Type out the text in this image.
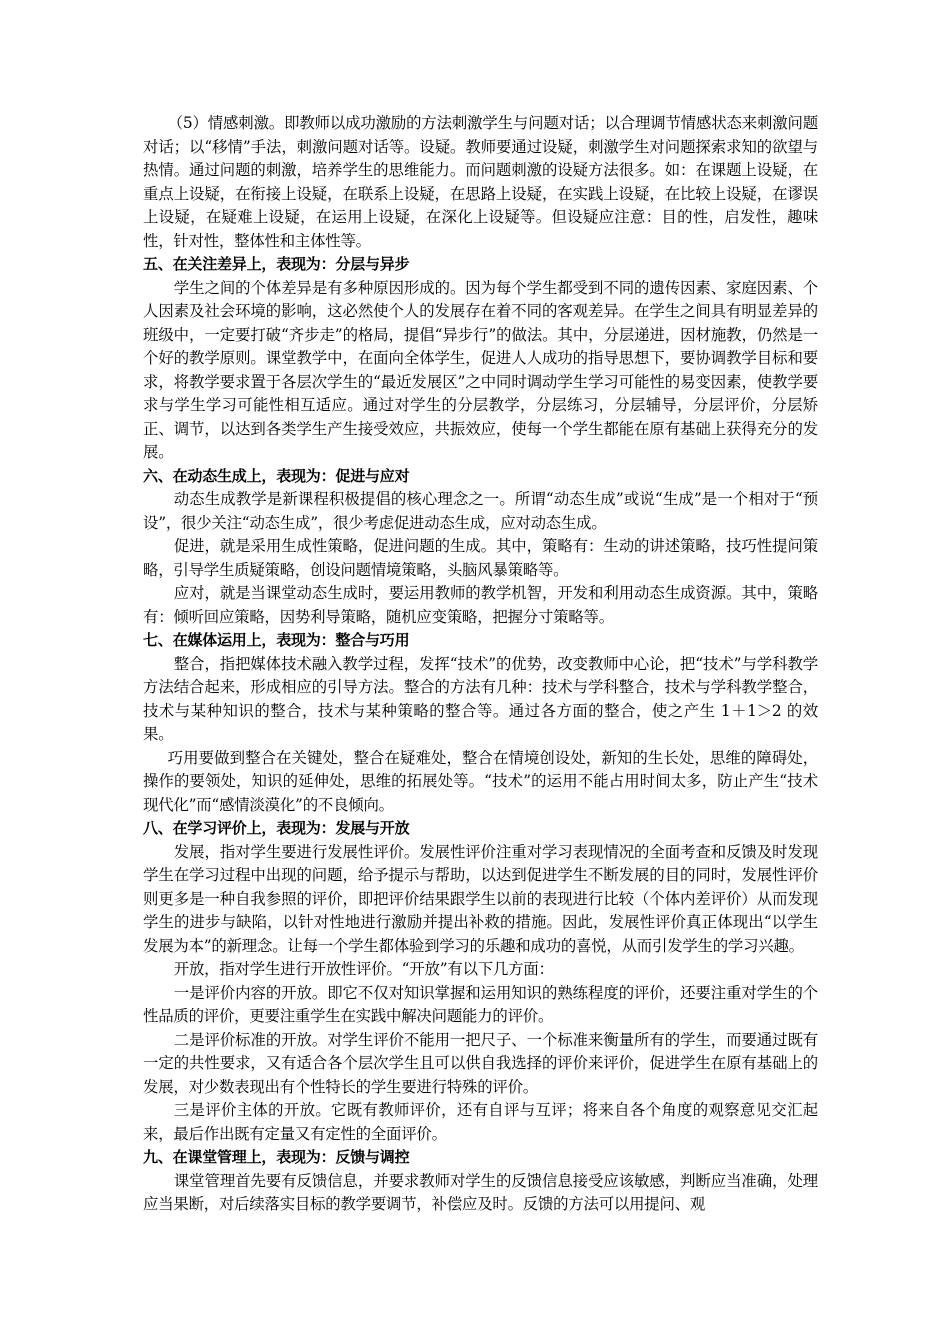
（5）情感刺激。即教师以成功激励的方法刺激学生与问题对话；以合理调节情感状态来刺激问题对话；以“移情”手法，刺激问题对话等。设疑。教师要通过设疑，刺激学生对问题探索求知的欲望与热情。通过问题的刺激，培养学生的思维能力。而问题刺激的设疑方法很多。如：在课题上设疑，在重点上设疑，在衔接上设疑，在联系上设疑，在思路上设疑，在实践上设疑，在比较上设疑，在谬误上设疑，在疑难上设疑，在运用上设疑，在深化上设疑等。但设疑应注意：目的性，启发性，趣味性，针对性，整体性和主体性等。

五、在关注差异上，表现为：分层与异步

学生之间的个体差异是有多种原因形成的。因为每个学生都受到不同的遗传因素、家庭因素、个人因素及社会环境的影响，这必然使个人的发展存在着不同的客观差异。在学生之间具有明显差异的班级中，一定要打破“齐步走”的格局，提倡“异步行”的做法。其中，分层递进，因材施教，仍然是一个好的教学原则。课堂教学中，在面向全体学生，促进人人成功的指导思想下，要协调教学目标和要求，将教学要求置于各层次学生的“最近发展区”之中同时调动学生学习可能性的易变因素，使教学要求与学生学习可能性相互适应。通过对学生的分层教学，分层练习，分层辅导，分层评价，分层矫正、调节，以达到各类学生产生接受效应，共振效应，使每一个学生都能在原有基础上获得充分的发展。

六、在动态生成上，表现为：促进与应对

动态生成教学是新课程积极提倡的核心理念之一。所谓“动态生成”或说“生成”是一个相对于“预设”，很少关注“动态生成”，很少考虑促进动态生成，应对动态生成。

促进，就是采用生成性策略，促进问题的生成。其中，策略有：生动的讲述策略，技巧性提问策略，引导学生质疑策略，创设问题情境策略，头脑风暴策略等。

应对，就是当课堂动态生成时，要运用教师的教学机智，开发和利用动态生成资源。其中，策略有：倾听回应策略，因势利导策略，随机应变策略，把握分寸策略等。

七、在媒体运用上，表现为：整合与巧用

整合，指把媒体技术融入教学过程，发挥“技术”的优势，改变教师中心论，把“技术”与学科教学方法结合起来，形成相应的引导方法。整合的方法有几种：技术与学科整合，技术与学科教学整合，技术与某种知识的整合，技术与某种策略的整合等。通过各方面的整合，使之产生 1＋1＞2 的效果。

巧用要做到整合在关键处，整合在疑难处，整合在情境创设处，新知的生长处，思维的障碍处，操作的要领处，知识的延伸处，思维的拓展处等。“技术”的运用不能占用时间太多，防止产生“技术现代化”而“感情淡漠化”的不良倾向。

八、在学习评价上，表现为：发展与开放

发展，指对学生要进行发展性评价。发展性评价注重对学习表现情况的全面考查和反馈及时发现学生在学习过程中出现的问题，给予提示与帮助，以达到促进学生不断发展的目的同时，发展性评价则更多是一种自我参照的评价，即把评价结果跟学生以前的表现进行比较（个体内差评价）从而发现学生的进步与缺陷，以针对性地进行激励并提出补救的措施。因此，发展性评价真正体现出“以学生发展为本”的新理念。让每一个学生都体验到学习的乐趣和成功的喜悦，从而引发学生的学习兴趣。

开放，指对学生进行开放性评价。“开放”有以下几方面：

一是评价内容的开放。即它不仅对知识掌握和运用知识的熟练程度的评价，还要注重对学生的个性品质的评价，更要注重学生在实践中解决问题能力的评价。

二是评价标准的开放。对学生评价不能用一把尺子、一个标准来衡量所有的学生，而要通过既有一定的共性要求，又有适合各个层次学生且可以供自我选择的评价来评价，促进学生在原有基础上的发展，对少数表现出有个性特长的学生要进行特殊的评价。

三是评价主体的开放。它既有教师评价，还有自评与互评；将来自各个角度的观察意见交汇起来，最后作出既有定量又有定性的全面评价。

九、在课堂管理上，表现为：反馈与调控

课堂管理首先要有反馈信息，并要求教师对学生的反馈信息接受应该敏感，判断应当准确，处理应当果断，对后续落实目标的教学要调节，补偿应及时。反馈的方法可以用提问、观
